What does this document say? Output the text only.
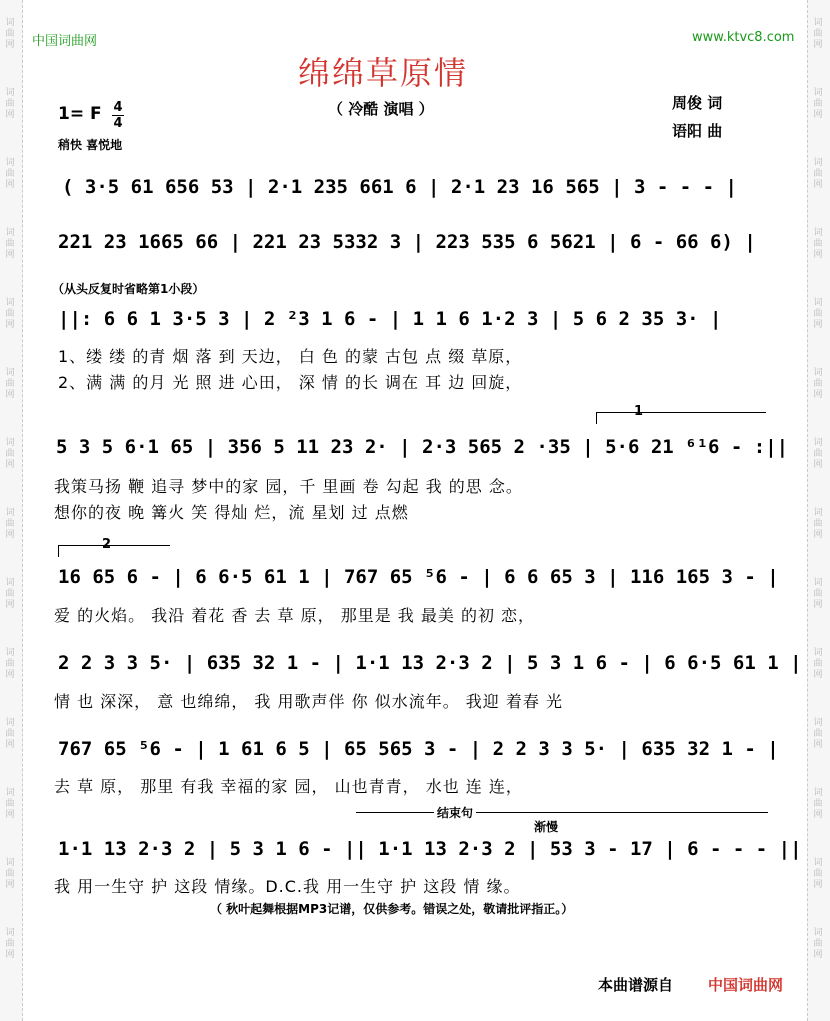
词
曲
网
词
曲
网
词
曲
网
词
曲
网
词
曲
网
词
曲
网
词
曲
网
词
曲
网
词
曲
网
词
曲
网
词
曲
网
词
曲
网
词
曲
网
词
曲
网
词
曲
网
词
曲
网
词
曲
网
词
曲
网
词
曲
网
词
曲
网
词
曲
网
词
曲
网
词
曲
网
词
曲
网
词
曲
网
词
曲
网
词
曲
网
词
曲
网
中国词曲网	www.ktvc8.com
绵绵草原情
（ 冷酷 演唱 ）	周俊 词
语阳 曲
1= F 4
4
稍快 喜悦地
( 3·5 61 656 53 | 2·1 235 661 6 | 2·1 23 16 565 | 3 - - - |
221 23 1665 66 | 221 23 5332 3 | 223 535 6 5621 | 6 - 66 6) |
（从头反复时省略第1小段）
||: 6 6 1 3·5 3 | 2 ²3 1 6 - | 1 1 6 1·2 3 | 5 6 2 35 3· |
1、缕 缕 的青 烟 落 到 天边， 白 色 的蒙 古包 点 缀 草原，
2、满 满 的月 光 照 进 心田， 深 情 的长 调在 耳 边 回旋，
1
5 3 5 6·1 65 | 356 5 11 23 2· | 2·3 565 2 ·35 | 5·6 21 ⁶¹6 - :||
我策马扬 鞭 追寻 梦中的家 园，千 里画 卷 勾起 我 的思 念。
想你的夜 晚 篝火 笑 得灿 烂，流 星划 过 点燃
2
16 65 6 - | 6 6·5 61 1 | 767 65 ⁵6 - | 6 6 65 3 | 116 165 3 - |
爱 的火焰。 我沿 着花 香 去 草 原， 那里是 我 最美 的初 恋，
2 2 3 3 5· | 635 32 1 - | 1·1 13 2·3 2 | 5 3 1 6 - | 6 6·5 61 1 |
情 也 深深， 意 也绵绵， 我 用歌声伴 你 似水流年。 我迎 着春 光
767 65 ⁵6 - | 1 61 6 5 | 65 565 3 - | 2 2 3 3 5· | 635 32 1 - |
去 草 原， 那里 有我 幸福的家 园， 山也青青， 水也 连 连，
结束句
渐慢
1·1 13 2·3 2 | 5 3 1 6 - || 1·1 13 2·3 2 | 53 3 - 17 | 6 - - - ||
我 用一生守 护 这段 情缘。D.C.我 用一生守 护 这段 情 缘。
（ 秋叶起舞根据MP3记谱，仅供参考。错误之处，敬请批评指正。）
本曲谱源自 中国词曲网
